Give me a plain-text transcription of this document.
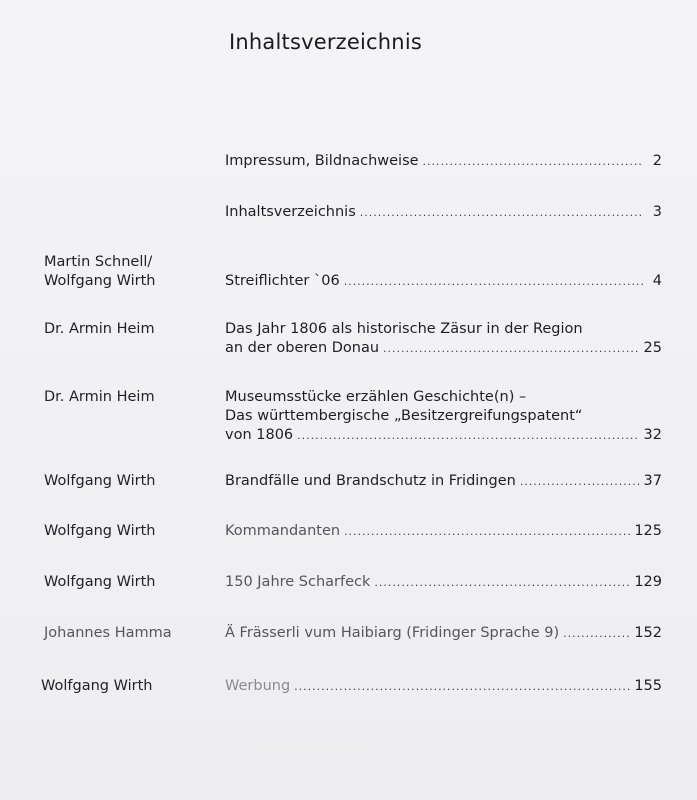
Inhaltsverzeichnis
Impressum, Bildnachweise .....	2
Inhaltsverzeichnis .....	3
Martin Schnell/
Wolfgang Wirth	Streiflichter `06 .....	4
Dr. Armin Heim	Das Jahr 1806 als historische Zäsur in der Region
an der oberen Donau .....	25
Dr. Armin Heim	Museumsstücke erzählen Geschichte(n) –
Das württembergische „Besitzergreifungspatent“
von 1806 .....	32
Wolfgang Wirth	Brandfälle und Brandschutz in Fridingen .....	37
Wolfgang Wirth	Kommandanten .....	125
Wolfgang Wirth	150 Jahre Scharfeck .....	129
Johannes Hamma	Ä Frässerli vum Haibiarg (Fridinger Sprache 9) .....	152
Wolfgang Wirth	Werbung .....	155
